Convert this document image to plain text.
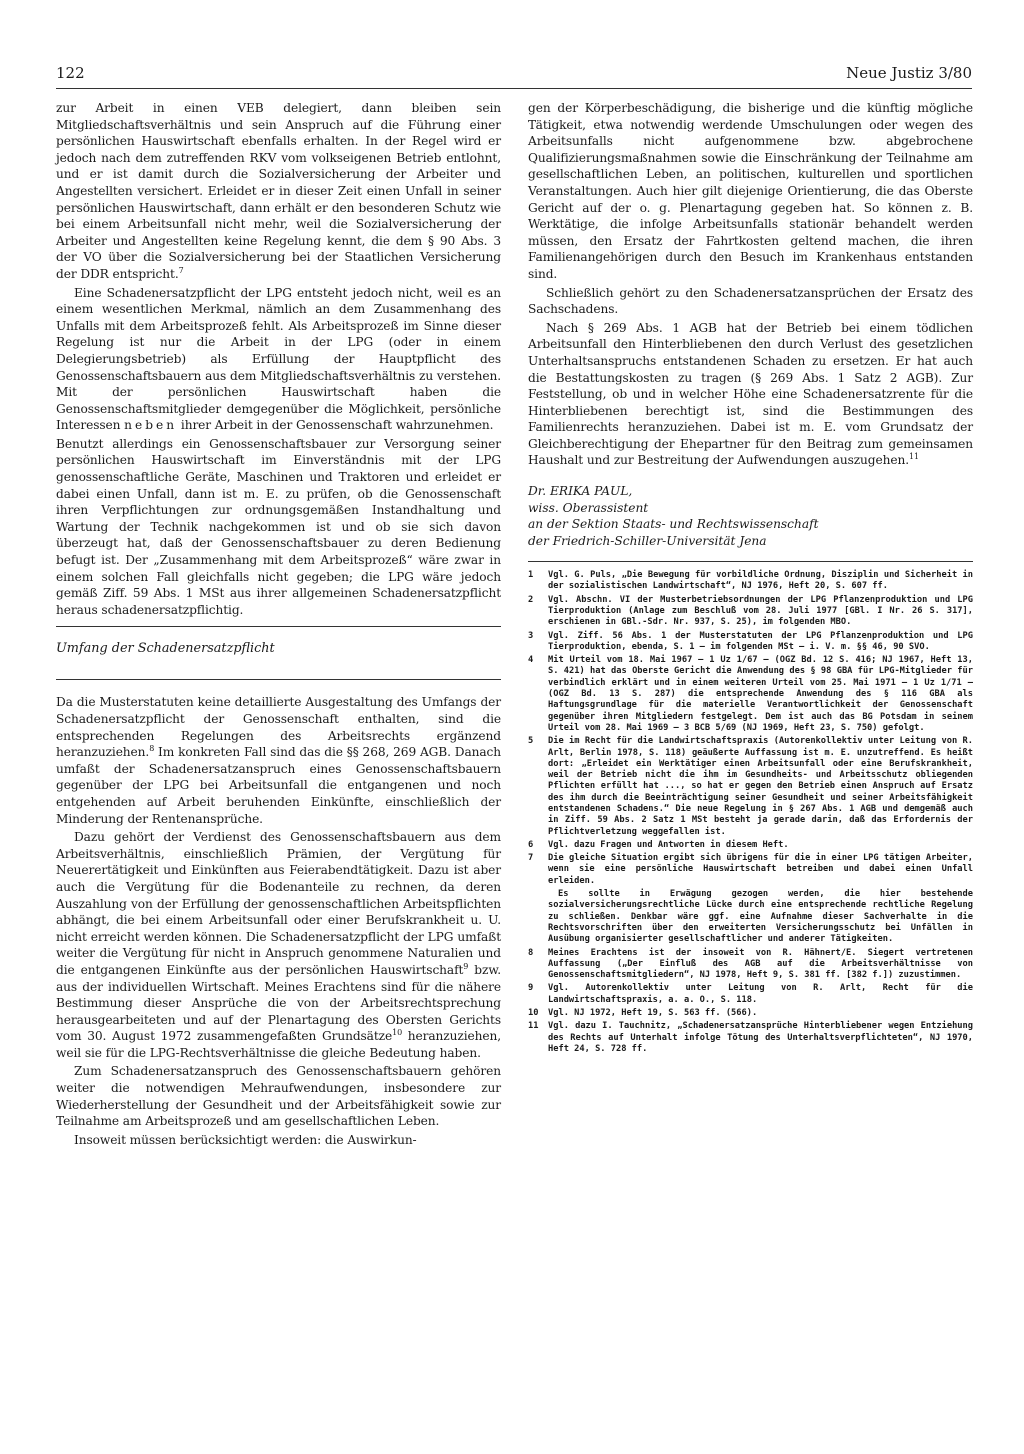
122	Neue Justiz 3/80

zur Arbeit in einen VEB delegiert, dann bleiben sein Mitgliedschaftsverhältnis und sein Anspruch auf die Führung einer persönlichen Hauswirtschaft ebenfalls erhalten. In der Regel wird er jedoch nach dem zutreffenden RKV vom volkseigenen Betrieb entlohnt, und er ist damit durch die Sozialversicherung der Arbeiter und Angestellten versichert. Erleidet er in dieser Zeit einen Unfall in seiner persönlichen Hauswirtschaft, dann erhält er den besonderen Schutz wie bei einem Arbeitsunfall nicht mehr, weil die Sozialversicherung der Arbeiter und Angestellten keine Regelung kennt, die dem § 90 Abs. 3 der VO über die Sozialversicherung bei der Staatlichen Versicherung der DDR entspricht.$^7$

Eine Schadenersatzpflicht der LPG entsteht jedoch nicht, weil es an einem wesentlichen Merkmal, nämlich an dem Zusammenhang des Unfalls mit dem Arbeitsprozeß fehlt. Als Arbeitsprozeß im Sinne dieser Regelung ist nur die Arbeit in der LPG (oder in einem Delegierungsbetrieb) als Erfüllung der Hauptpflicht des Genossenschaftsbauern aus dem Mitgliedschaftsverhältnis zu verstehen. Mit der persönlichen Hauswirtschaft haben die Genossenschaftsmitglieder demgegenüber die Möglichkeit, persönliche Interessen neben ihrer Arbeit in der Genossenschaft wahrzunehmen.

Benutzt allerdings ein Genossenschaftsbauer zur Versorgung seiner persönlichen Hauswirtschaft im Einverständnis mit der LPG genossenschaftliche Geräte, Maschinen und Traktoren und erleidet er dabei einen Unfall, dann ist m. E. zu prüfen, ob die Genossenschaft ihren Verpflichtungen zur ordnungsgemäßen Instandhaltung und Wartung der Technik nachgekommen ist und ob sie sich davon überzeugt hat, daß der Genossenschaftsbauer zu deren Bedienung befugt ist. Der „Zusammenhang mit dem Arbeitsprozeß“ wäre zwar in einem solchen Fall gleichfalls nicht gegeben; die LPG wäre jedoch gemäß Ziff. 59 Abs. 1 MSt aus ihrer allgemeinen Schadenersatzpflicht heraus schadenersatzpflichtig.

Umfang der Schadenersatzpflicht

Da die Musterstatuten keine detaillierte Ausgestaltung des Umfangs der Schadenersatzpflicht der Genossenschaft enthalten, sind die entsprechenden Regelungen des Arbeitsrechts ergänzend heranzuziehen.$^8$ Im konkreten Fall sind das die §§ 268, 269 AGB. Danach umfaßt der Schadenersatzanspruch eines Genossenschaftsbauern gegenüber der LPG bei Arbeitsunfall die entgangenen und noch entgehenden auf Arbeit beruhenden Einkünfte, einschließlich der Minderung der Rentenansprüche.

Dazu gehört der Verdienst des Genossenschaftsbauern aus dem Arbeitsverhältnis, einschließlich Prämien, der Vergütung für Neuerertätigkeit und Einkünften aus Feierabendtätigkeit. Dazu ist aber auch die Vergütung für die Bodenanteile zu rechnen, da deren Auszahlung von der Erfüllung der genossenschaftlichen Arbeitspflichten abhängt, die bei einem Arbeitsunfall oder einer Berufskrankheit u. U. nicht erreicht werden können. Die Schadenersatzpflicht der LPG umfaßt weiter die Vergütung für nicht in Anspruch genommene Naturalien und die entgangenen Einkünfte aus der persönlichen Hauswirtschaft$^9$ bzw. aus der individuellen Wirtschaft. Meines Erachtens sind für die nähere Bestimmung dieser Ansprüche die von der Arbeitsrechtsprechung herausgearbeiteten und auf der Plenartagung des Obersten Gerichts vom 30. August 1972 zusammengefaßten Grundsätze$^{10}$ heranzuziehen, weil sie für die LPG-Rechtsverhältnisse die gleiche Bedeutung haben.

Zum Schadenersatzanspruch des Genossenschaftsbauern gehören weiter die notwendigen Mehraufwendungen, insbesondere zur Wiederherstellung der Gesundheit und der Arbeitsfähigkeit sowie zur Teilnahme am Arbeitsprozeß und am gesellschaftlichen Leben.

Insoweit müssen berücksichtigt werden: die Auswirkun-

gen der Körperbeschädigung, die bisherige und die künftig mögliche Tätigkeit, etwa notwendig werdende Umschulungen oder wegen des Arbeitsunfalls nicht aufgenommene bzw. abgebrochene Qualifizierungsmaßnahmen sowie die Einschränkung der Teilnahme am gesellschaftlichen Leben, an politischen, kulturellen und sportlichen Veranstaltungen. Auch hier gilt diejenige Orientierung, die das Oberste Gericht auf der o. g. Plenartagung gegeben hat. So können z. B. Werktätige, die infolge Arbeitsunfalls stationär behandelt werden müssen, den Ersatz der Fahrtkosten geltend machen, die ihren Familienangehörigen durch den Besuch im Krankenhaus entstanden sind.

Schließlich gehört zu den Schadenersatzansprüchen der Ersatz des Sachschadens.

Nach § 269 Abs. 1 AGB hat der Betrieb bei einem tödlichen Arbeitsunfall den Hinterbliebenen den durch Verlust des gesetzlichen Unterhaltsanspruchs entstandenen Schaden zu ersetzen. Er hat auch die Bestattungskosten zu tragen (§ 269 Abs. 1 Satz 2 AGB). Zur Feststellung, ob und in welcher Höhe eine Schadenersatzrente für die Hinterbliebenen berechtigt ist, sind die Bestimmungen des Familienrechts heranzuziehen. Dabei ist m. E. vom Grundsatz der Gleichberechtigung der Ehepartner für den Beitrag zum gemeinsamen Haushalt und zur Bestreitung der Aufwendungen auszugehen.$^{11}$

Dr. ERIKA PAUL,
wiss. Oberassistent
an der Sektion Staats- und Rechtswissenschaft
der Friedrich-Schiller-Universität Jena
1	Vgl. G. Puls, „Die Bewegung für vorbildliche Ordnung, Disziplin und Sicherheit in der sozialistischen Landwirtschaft“, NJ 1976, Heft 20, S. 607 ff.
2	Vgl. Abschn. VI der Musterbetriebsordnungen der LPG Pflanzenproduktion und LPG Tierproduktion (Anlage zum Beschluß vom 28. Juli 1977 [GBl. I Nr. 26 S. 317], erschienen in GBl.-Sdr. Nr. 937, S. 25), im folgenden MBO.
3	Vgl. Ziff. 56 Abs. 1 der Musterstatuten der LPG Pflanzenproduktion und LPG Tierproduktion, ebenda, S. 1 – im folgenden MSt – i. V. m. §§ 46, 90 SVO.
4	Mit Urteil vom 18. Mai 1967 – 1 Uz 1/67 – (OGZ Bd. 12 S. 416; NJ 1967, Heft 13, S. 421) hat das Oberste Gericht die Anwendung des § 98 GBA für LPG-Mitglieder für verbindlich erklärt und in einem weiteren Urteil vom 25. Mai 1971 – 1 Uz 1/71 – (OGZ Bd. 13 S. 287) die entsprechende Anwendung des § 116 GBA als Haftungsgrundlage für die materielle Verantwortlichkeit der Genossenschaft gegenüber ihren Mitgliedern festgelegt. Dem ist auch das BG Potsdam in seinem Urteil vom 28. Mai 1969 – 3 BCB 5/69 (NJ 1969, Heft 23, S. 750) gefolgt.
5	Die im Recht für die Landwirtschaftspraxis (Autorenkollektiv unter Leitung von R. Arlt, Berlin 1978, S. 118) geäußerte Auffassung ist m. E. unzutreffend. Es heißt dort: „Erleidet ein Werktätiger einen Arbeitsunfall oder eine Berufskrankheit, weil der Betrieb nicht die ihm im Gesundheits- und Arbeitsschutz obliegenden Pflichten erfüllt hat ..., so hat er gegen den Betrieb einen Anspruch auf Ersatz des ihm durch die Beeinträchtigung seiner Gesundheit und seiner Arbeitsfähigkeit entstandenen Schadens.“ Die neue Regelung in § 267 Abs. 1 AGB und demgemäß auch in Ziff. 59 Abs. 2 Satz 1 MSt besteht ja gerade darin, daß das Erfordernis der Pflichtverletzung weggefallen ist.
6	Vgl. dazu Fragen und Antworten in diesem Heft.
7	Die gleiche Situation ergibt sich übrigens für die in einer LPG tätigen Arbeiter, wenn sie eine persönliche Hauswirtschaft betreiben und dabei einen Unfall erleiden.
Es sollte in Erwägung gezogen werden, die hier bestehende sozialversicherungsrechtliche Lücke durch eine entsprechende rechtliche Regelung zu schließen. Denkbar wäre ggf. eine Aufnahme dieser Sachverhalte in die Rechtsvorschriften über den erweiterten Versicherungsschutz bei Unfällen in Ausübung organisierter gesellschaftlicher und anderer Tätigkeiten.
8	Meines Erachtens ist der insoweit von R. Hähnert/E. Siegert vertretenen Auffassung („Der Einfluß des AGB auf die Arbeitsverhältnisse von Genossenschaftsmitgliedern“, NJ 1978, Heft 9, S. 381 ff. [382 f.]) zuzustimmen.
9	Vgl. Autorenkollektiv unter Leitung von R. Arlt, Recht für die Landwirtschaftspraxis, a. a. O., S. 118.
10	Vgl. NJ 1972, Heft 19, S. 563 ff. (566).
11	Vgl. dazu I. Tauchnitz, „Schadenersatzansprüche Hinterbliebener wegen Entziehung des Rechts auf Unterhalt infolge Tötung des Unterhaltsverpflichteten“, NJ 1970, Heft 24, S. 728 ff.
